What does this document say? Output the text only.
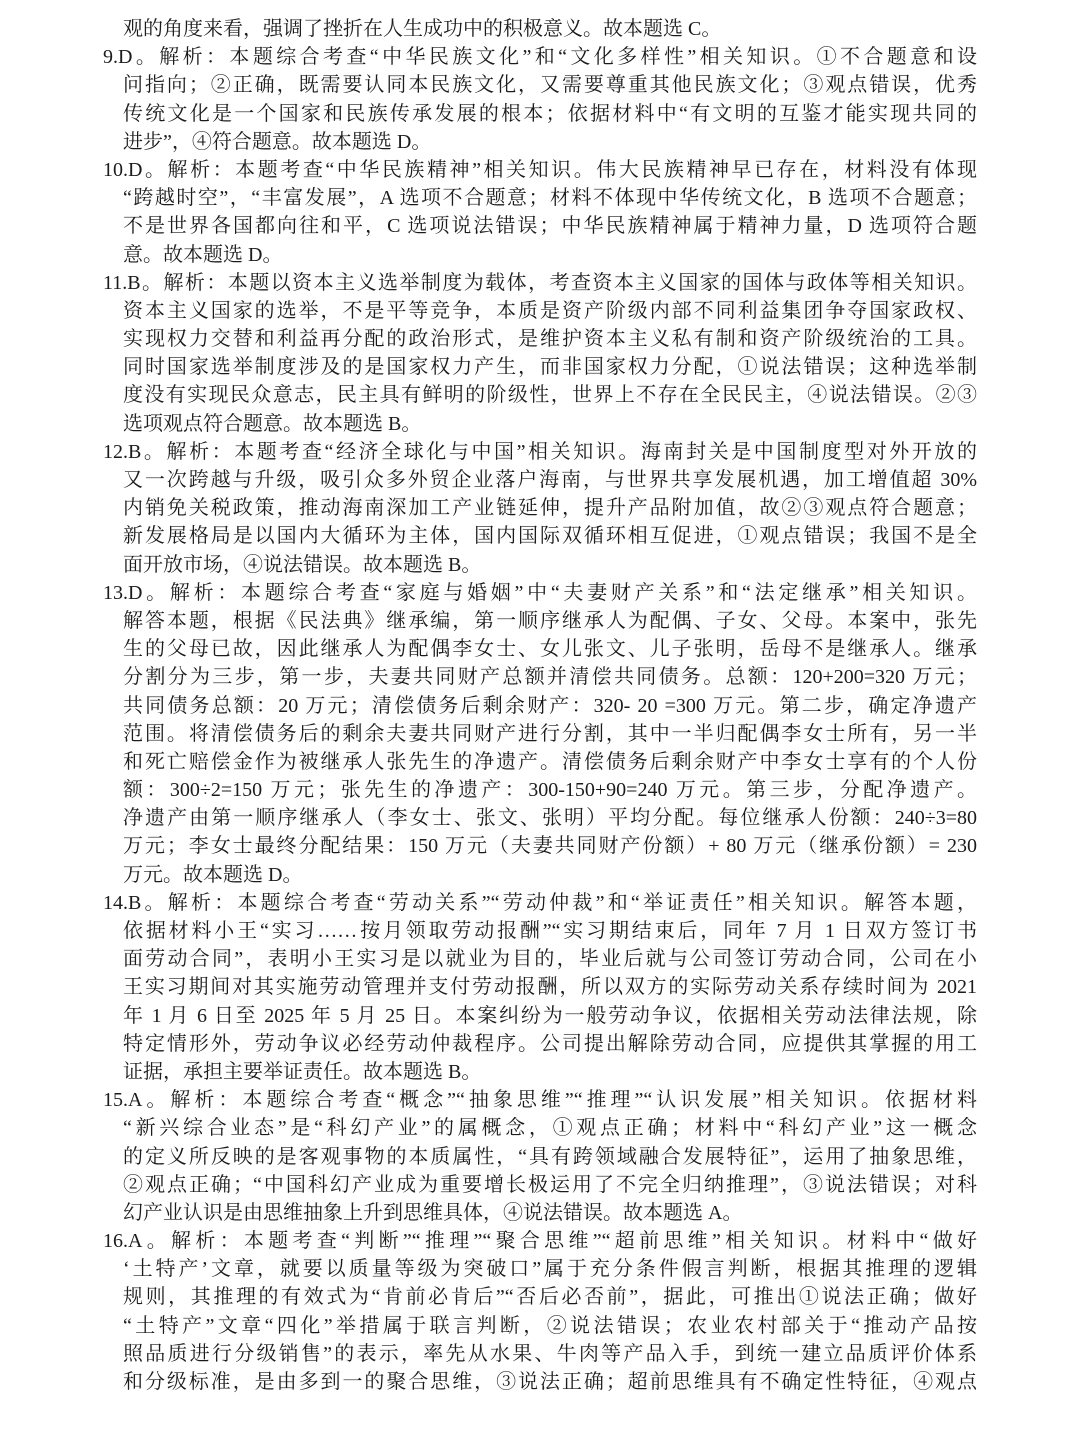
观的角度来看，强调了挫折在人生成功中的积极意义。故本题选 C。
9.D。解析：本题综合考查“中华民族文化”和“文化多样性”相关知识。①不合题意和设
问指向；②正确，既需要认同本民族文化，又需要尊重其他民族文化；③观点错误，优秀
传统文化是一个国家和民族传承发展的根本；依据材料中“有文明的互鉴才能实现共同的
进步”，④符合题意。故本题选 D。
10.D。解析：本题考查“中华民族精神”相关知识。伟大民族精神早已存在，材料没有体现
“跨越时空”，“丰富发展”，A 选项不合题意；材料不体现中华传统文化，B 选项不合题意；
不是世界各国都向往和平，C 选项说法错误；中华民族精神属于精神力量，D 选项符合题
意。故本题选 D。
11.B。解析：本题以资本主义选举制度为载体，考查资本主义国家的国体与政体等相关知识。
资本主义国家的选举，不是平等竞争，本质是资产阶级内部不同利益集团争夺国家政权、
实现权力交替和利益再分配的政治形式，是维护资本主义私有制和资产阶级统治的工具。
同时国家选举制度涉及的是国家权力产生，而非国家权力分配，①说法错误；这种选举制
度没有实现民众意志，民主具有鲜明的阶级性，世界上不存在全民民主，④说法错误。②③
选项观点符合题意。故本题选 B。
12.B。解析：本题考查“经济全球化与中国”相关知识。海南封关是中国制度型对外开放的
又一次跨越与升级，吸引众多外贸企业落户海南，与世界共享发展机遇，加工增值超 30%
内销免关税政策，推动海南深加工产业链延伸，提升产品附加值，故②③观点符合题意；
新发展格局是以国内大循环为主体，国内国际双循环相互促进，①观点错误；我国不是全
面开放市场，④说法错误。故本题选 B。
13.D。解析：本题综合考查“家庭与婚姻”中“夫妻财产关系”和“法定继承”相关知识。
解答本题，根据《民法典》继承编，第一顺序继承人为配偶、子女、父母。本案中，张先
生的父母已故，因此继承人为配偶李女士、女儿张文、儿子张明，岳母不是继承人。继承
分割分为三步，第一步，夫妻共同财产总额并清偿共同债务。总额：120+200=320 万元；
共同债务总额：20 万元；清偿债务后剩余财产：320- 20 =300 万元。第二步，确定净遗产
范围。将清偿债务后的剩余夫妻共同财产进行分割，其中一半归配偶李女士所有，另一半
和死亡赔偿金作为被继承人张先生的净遗产。清偿债务后剩余财产中李女士享有的个人份
额：300÷2=150 万元；张先生的净遗产：300-150+90=240 万元。第三步，分配净遗产。
净遗产由第一顺序继承人（李女士、张文、张明）平均分配。每位继承人份额：240÷3=80
万元；李女士最终分配结果：150 万元（夫妻共同财产份额）+ 80 万元（继承份额）= 230
万元。故本题选 D。
14.B。解析：本题综合考查“劳动关系”“劳动仲裁”和“举证责任”相关知识。解答本题，
依据材料小王“实习……按月领取劳动报酬”“实习期结束后，同年 7 月 1 日双方签订书
面劳动合同”，表明小王实习是以就业为目的，毕业后就与公司签订劳动合同，公司在小
王实习期间对其实施劳动管理并支付劳动报酬，所以双方的实际劳动关系存续时间为 2021
年 1 月 6 日至 2025 年 5 月 25 日。本案纠纷为一般劳动争议，依据相关劳动法律法规，除
特定情形外，劳动争议必经劳动仲裁程序。公司提出解除劳动合同，应提供其掌握的用工
证据，承担主要举证责任。故本题选 B。
15.A。解析：本题综合考查“概念”“抽象思维”“推理”“认识发展”相关知识。依据材料
“新兴综合业态”是“科幻产业”的属概念，①观点正确；材料中“科幻产业”这一概念
的定义所反映的是客观事物的本质属性，“具有跨领域融合发展特征”，运用了抽象思维，
②观点正确；“中国科幻产业成为重要增长极运用了不完全归纳推理”，③说法错误；对科
幻产业认识是由思维抽象上升到思维具体，④说法错误。故本题选 A。
16.A。解析：本题考查“判断”“推理”“聚合思维”“超前思维”相关知识。材料中“做好
‘土特产’文章，就要以质量等级为突破口”属于充分条件假言判断，根据其推理的逻辑
规则，其推理的有效式为“肯前必肯后”“否后必否前”，据此，可推出①说法正确；做好
“土特产”文章“四化”举措属于联言判断，②说法错误；农业农村部关于“推动产品按
照品质进行分级销售”的表示，率先从水果、牛肉等产品入手，到统一建立品质评价体系
和分级标准，是由多到一的聚合思维，③说法正确；超前思维具有不确定性特征，④观点
